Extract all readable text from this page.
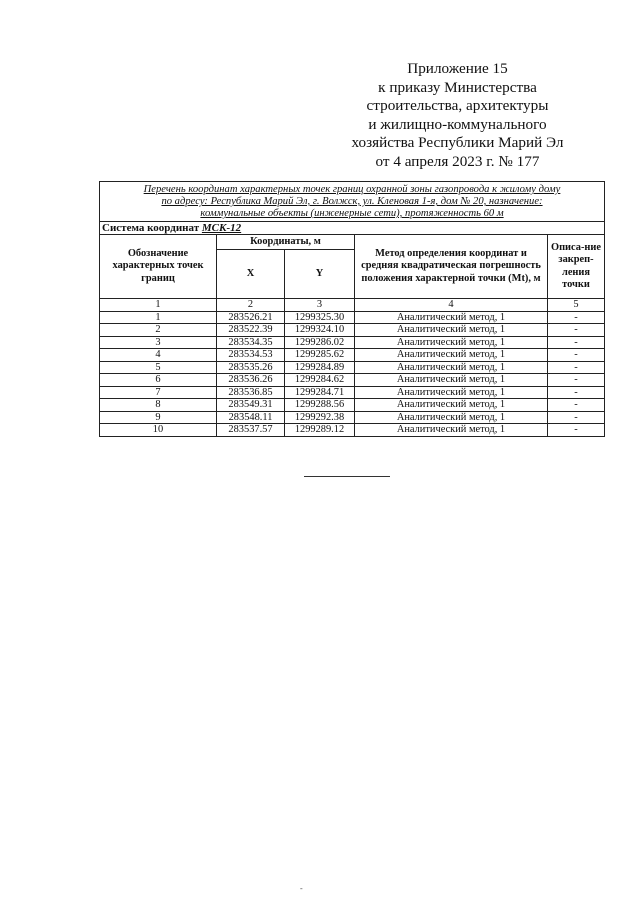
Приложение 15
к приказу Министерства
строительства, архитектуры
и жилищно-коммунального
хозяйства Республики Марий Эл
от 4 апреля 2023 г. № 177
Перечень координат характерных точек границ охранной зоны газопровода к жилому дому
по адресу: Республика Марий Эл, г. Волжск, ул. Кленовая 1-я, дом № 20, назначение:
коммунальные объекты (инженерные сети), протяженность 60 м				

Система координат МСК-12				
Обозначение характерных точек границ	Координаты, м		Метод определения координат и средняя квадратическая погрешность положения характерной точки (Mt), м	Описа-ние закреп-ления точки
	X	Y		
1	2	3	4	5
1	283526.21	1299325.30	Аналитический метод, 1	-
2	283522.39	1299324.10	Аналитический метод, 1	-
3	283534.35	1299286.02	Аналитический метод, 1	-
4	283534.53	1299285.62	Аналитический метод, 1	-
5	283535.26	1299284.89	Аналитический метод, 1	-
6	283536.26	1299284.62	Аналитический метод, 1	-
7	283536.85	1299284.71	Аналитический метод, 1	-
8	283549.31	1299288.56	Аналитический метод, 1	-
9	283548.11	1299292.38	Аналитический метод, 1	-
10	283537.57	1299289.12	Аналитический метод, 1	-
-
